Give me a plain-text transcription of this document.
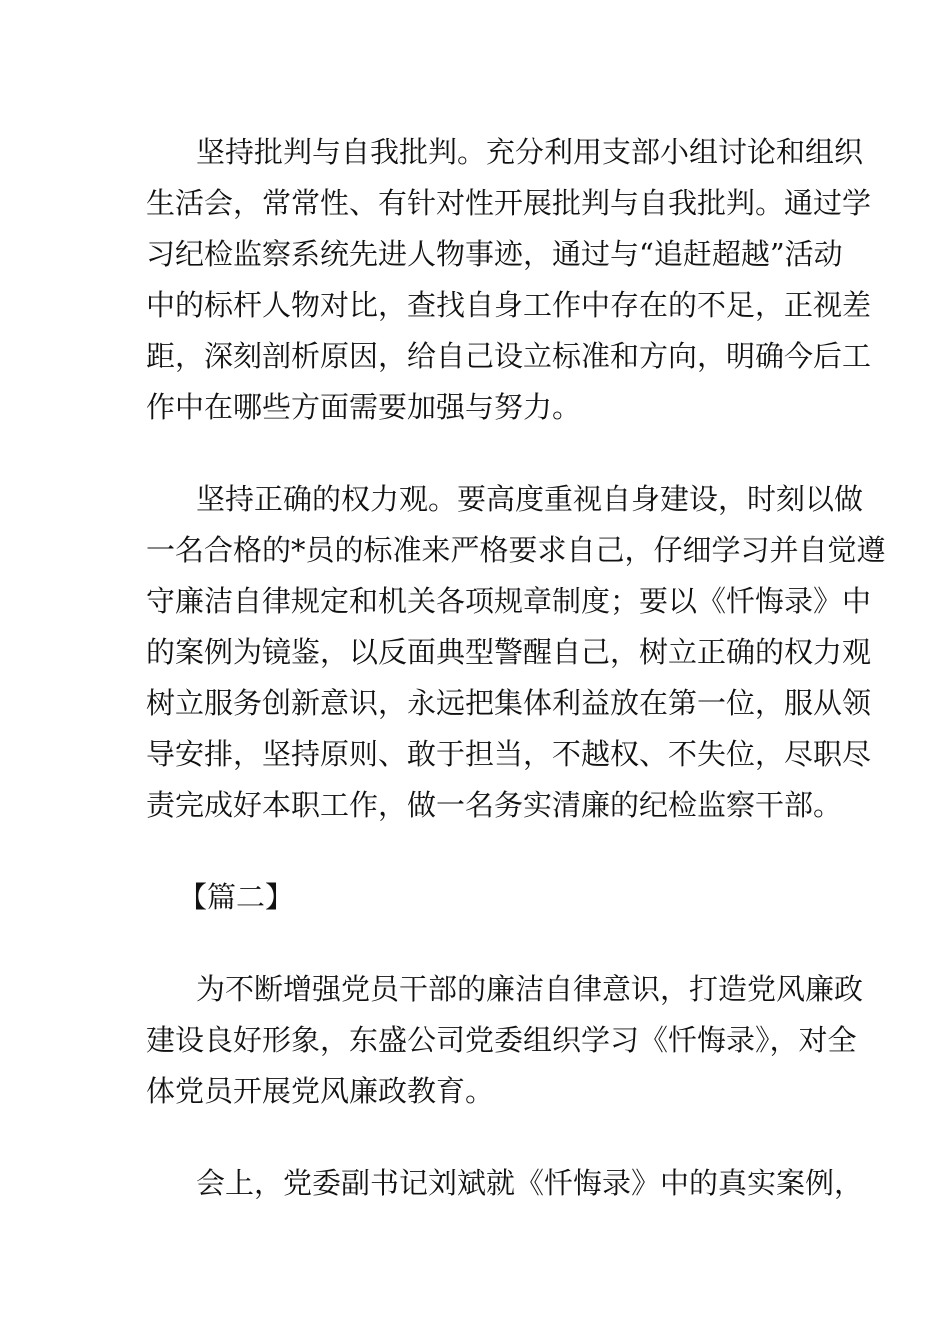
坚持批判与自我批判。充分利用支部小组讨论和组织
生活会，常常性、有针对性开展批判与自我批判。通过学
习纪检监察系统先进人物事迹，通过与“追赶超越”活动
中的标杆人物对比，查找自身工作中存在的不足，正视差
距，深刻剖析原因，给自己设立标准和方向，明确今后工
作中在哪些方面需要加强与努力。
坚持正确的权力观。要高度重视自身建设，时刻以做
一名合格的*员的标准来严格要求自己，仔细学习并自觉遵
守廉洁自律规定和机关各项规章制度；要以《忏悔录》中
的案例为镜鉴，以反面典型警醒自己，树立正确的权力观
树立服务创新意识，永远把集体利益放在第一位，服从领
导安排，坚持原则、敢于担当，不越权、不失位，尽职尽
责完成好本职工作，做一名务实清廉的纪检监察干部。
【篇二】
为不断增强党员干部的廉洁自律意识，打造党风廉政
建设良好形象，东盛公司党委组织学习《忏悔录》，对全
体党员开展党风廉政教育。
会上，党委副书记刘斌就《忏悔录》中的真实案例，
